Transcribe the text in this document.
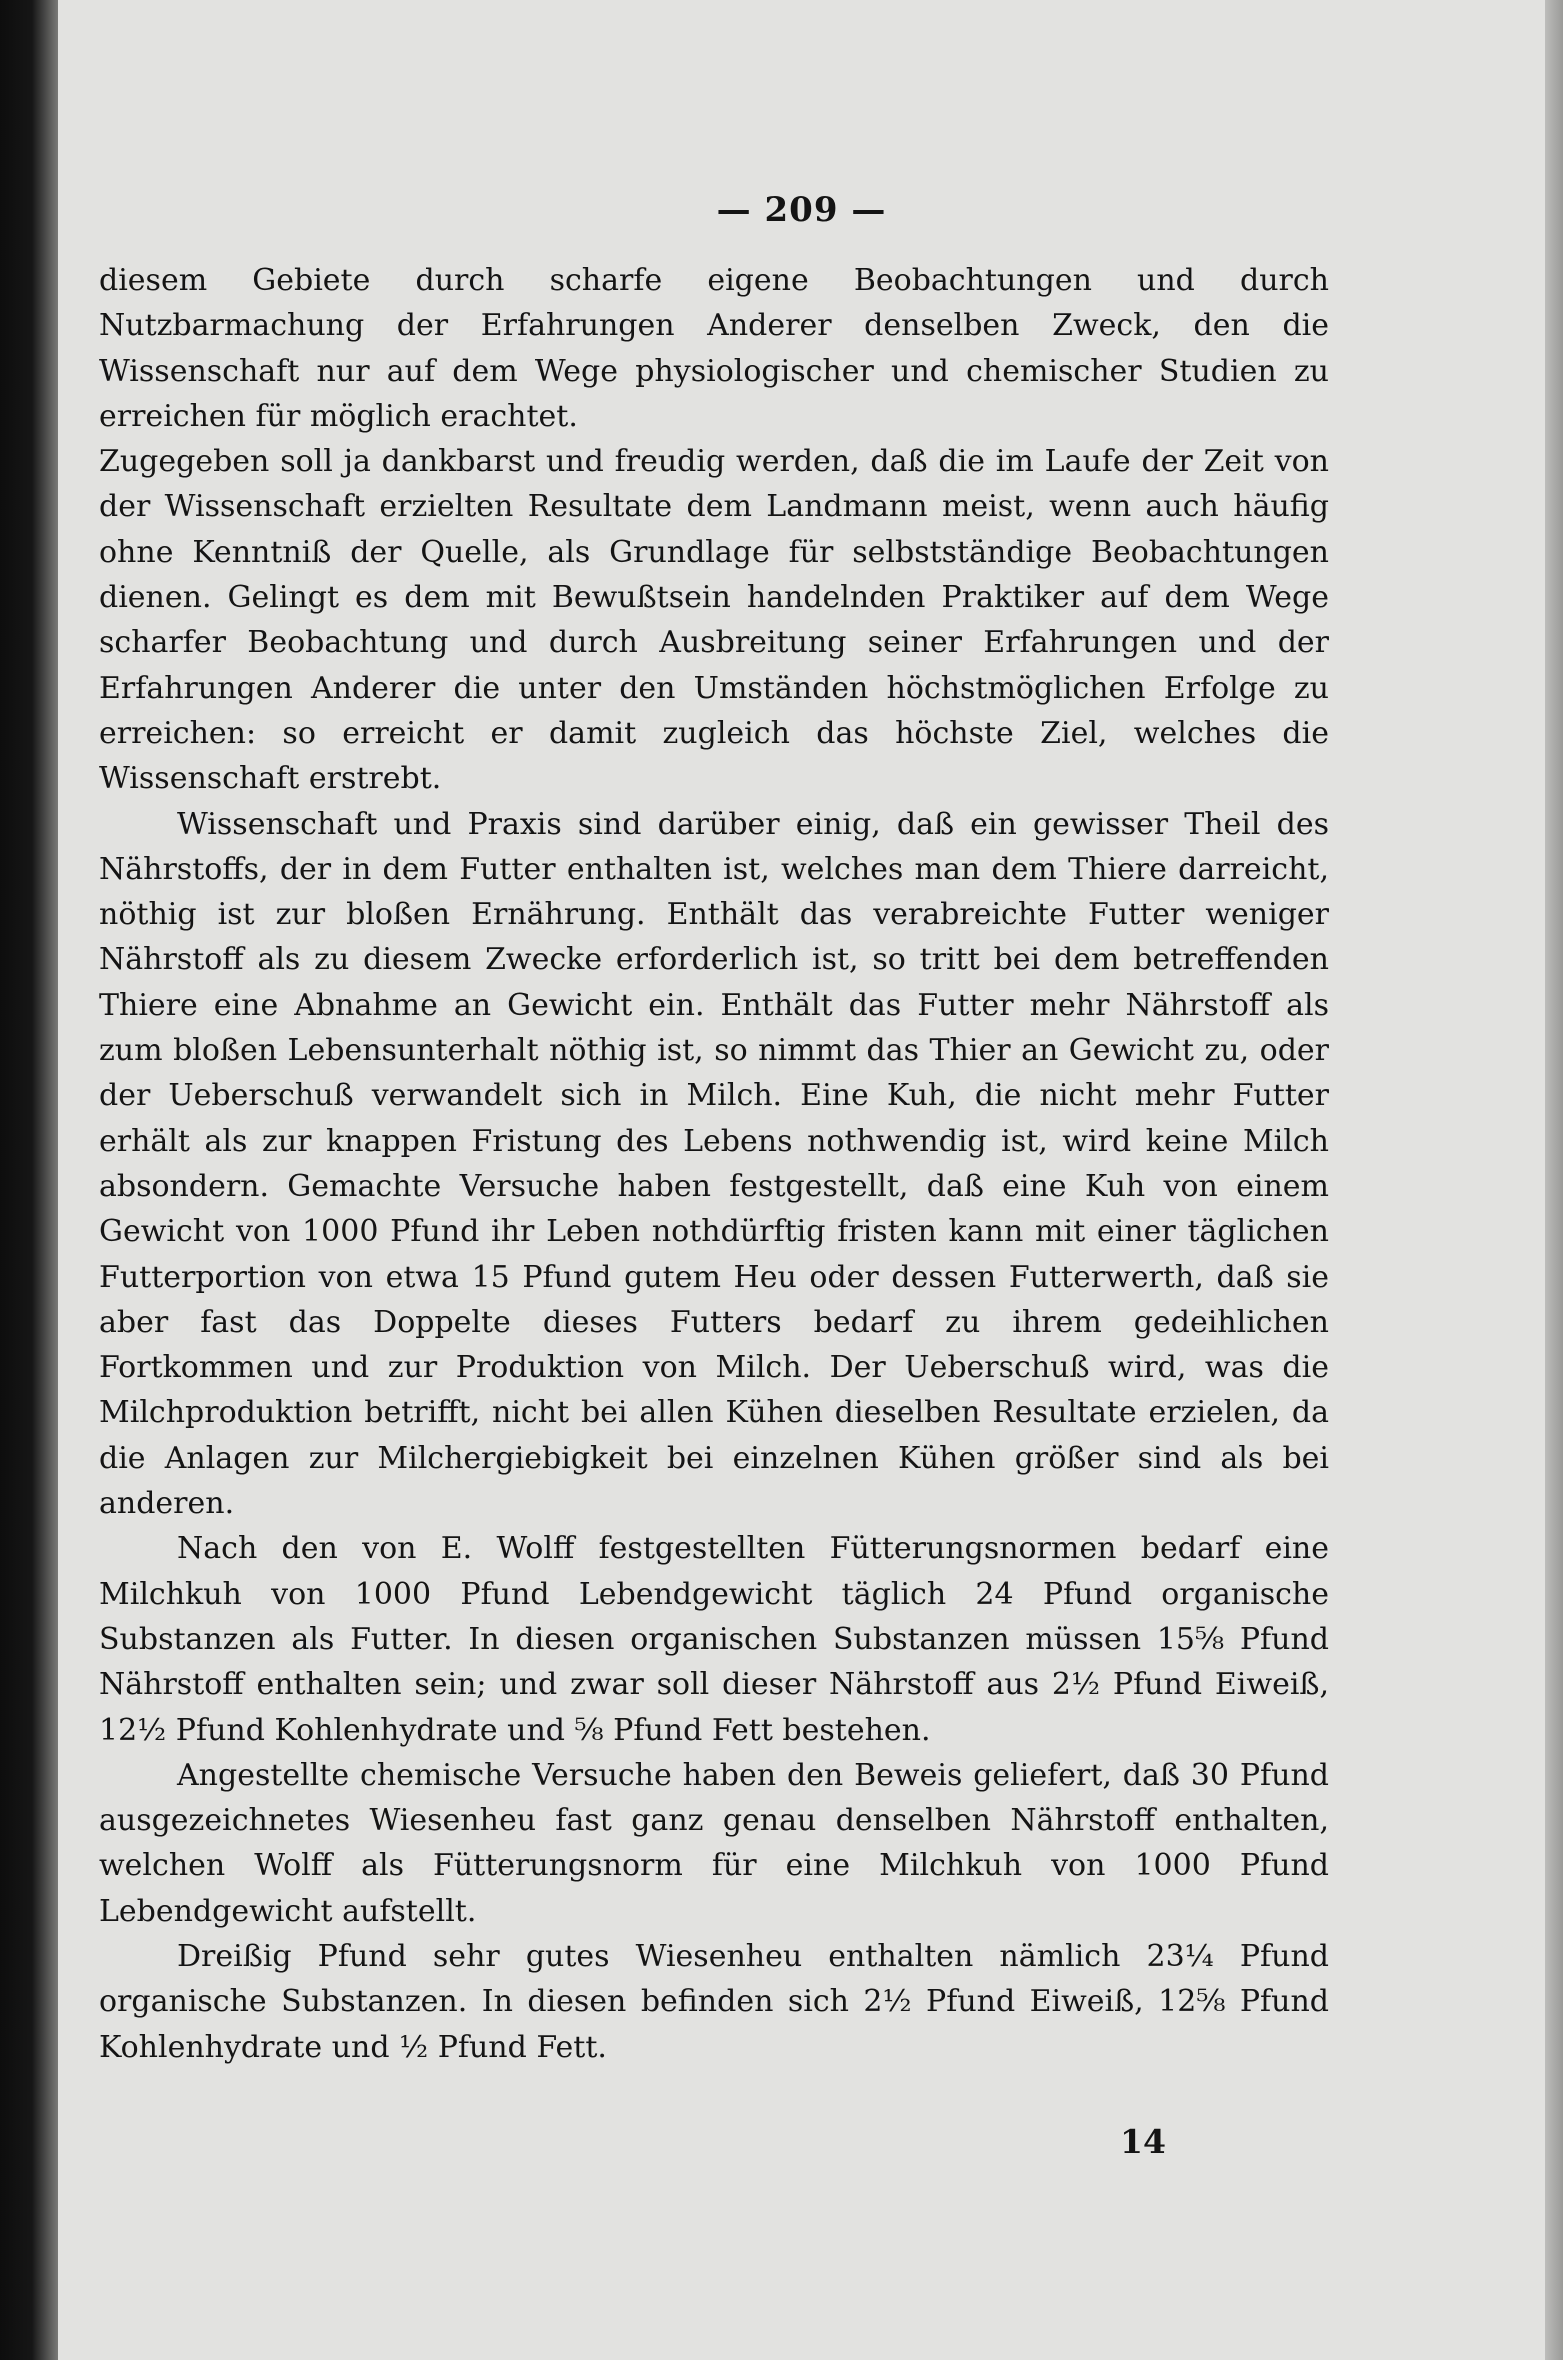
— 209 —

diesem Gebiete durch scharfe eigene Beobachtungen und durch Nutzbarmachung der Erfahrungen Anderer denselben Zweck, den die Wissenschaft nur auf dem Wege physiologischer und chemischer Studien zu erreichen für möglich erachtet.

Zugegeben soll ja dankbarst und freudig werden, daß die im Laufe der Zeit von der Wissenschaft erzielten Resultate dem Landmann meist, wenn auch häufig ohne Kenntniß der Quelle, als Grundlage für selbstständige Beobachtungen dienen. Gelingt es dem mit Bewußtsein handelnden Praktiker auf dem Wege scharfer Beobachtung und durch Ausbreitung seiner Erfahrungen und der Erfahrungen Anderer die unter den Umständen höchstmöglichen Erfolge zu erreichen: so erreicht er damit zugleich das höchste Ziel, welches die Wissenschaft erstrebt.

Wissenschaft und Praxis sind darüber einig, daß ein gewisser Theil des Nährstoffs, der in dem Futter enthalten ist, welches man dem Thiere darreicht, nöthig ist zur bloßen Ernährung. Enthält das verabreichte Futter weniger Nährstoff als zu diesem Zwecke erforderlich ist, so tritt bei dem betreffenden Thiere eine Abnahme an Gewicht ein. Enthält das Futter mehr Nährstoff als zum bloßen Lebensunterhalt nöthig ist, so nimmt das Thier an Gewicht zu, oder der Ueberschuß verwandelt sich in Milch. Eine Kuh, die nicht mehr Futter erhält als zur knappen Fristung des Lebens nothwendig ist, wird keine Milch absondern. Gemachte Versuche haben festgestellt, daß eine Kuh von einem Gewicht von 1000 Pfund ihr Leben nothdürftig fristen kann mit einer täglichen Futterportion von etwa 15 Pfund gutem Heu oder dessen Futterwerth, daß sie aber fast das Doppelte dieses Futters bedarf zu ihrem gedeihlichen Fortkommen und zur Produktion von Milch. Der Ueberschuß wird, was die Milchproduktion betrifft, nicht bei allen Kühen dieselben Resultate erzielen, da die Anlagen zur Milchergiebigkeit bei einzelnen Kühen größer sind als bei anderen.

Nach den von E. Wolff festgestellten Fütterungsnormen bedarf eine Milchkuh von 1000 Pfund Lebendgewicht täglich 24 Pfund organische Substanzen als Futter. In diesen organischen Substanzen müssen 15⅝ Pfund Nährstoff enthalten sein; und zwar soll dieser Nährstoff aus 2½ Pfund Eiweiß, 12½ Pfund Kohlenhydrate und ⅝ Pfund Fett bestehen.

Angestellte chemische Versuche haben den Beweis geliefert, daß 30 Pfund ausgezeichnetes Wiesenheu fast ganz genau denselben Nährstoff enthalten, welchen Wolff als Fütterungsnorm für eine Milchkuh von 1000 Pfund Lebendgewicht aufstellt.

Dreißig Pfund sehr gutes Wiesenheu enthalten nämlich 23¼ Pfund organische Substanzen. In diesen befinden sich 2½ Pfund Eiweiß, 12⅝ Pfund Kohlenhydrate und ½ Pfund Fett.

14
